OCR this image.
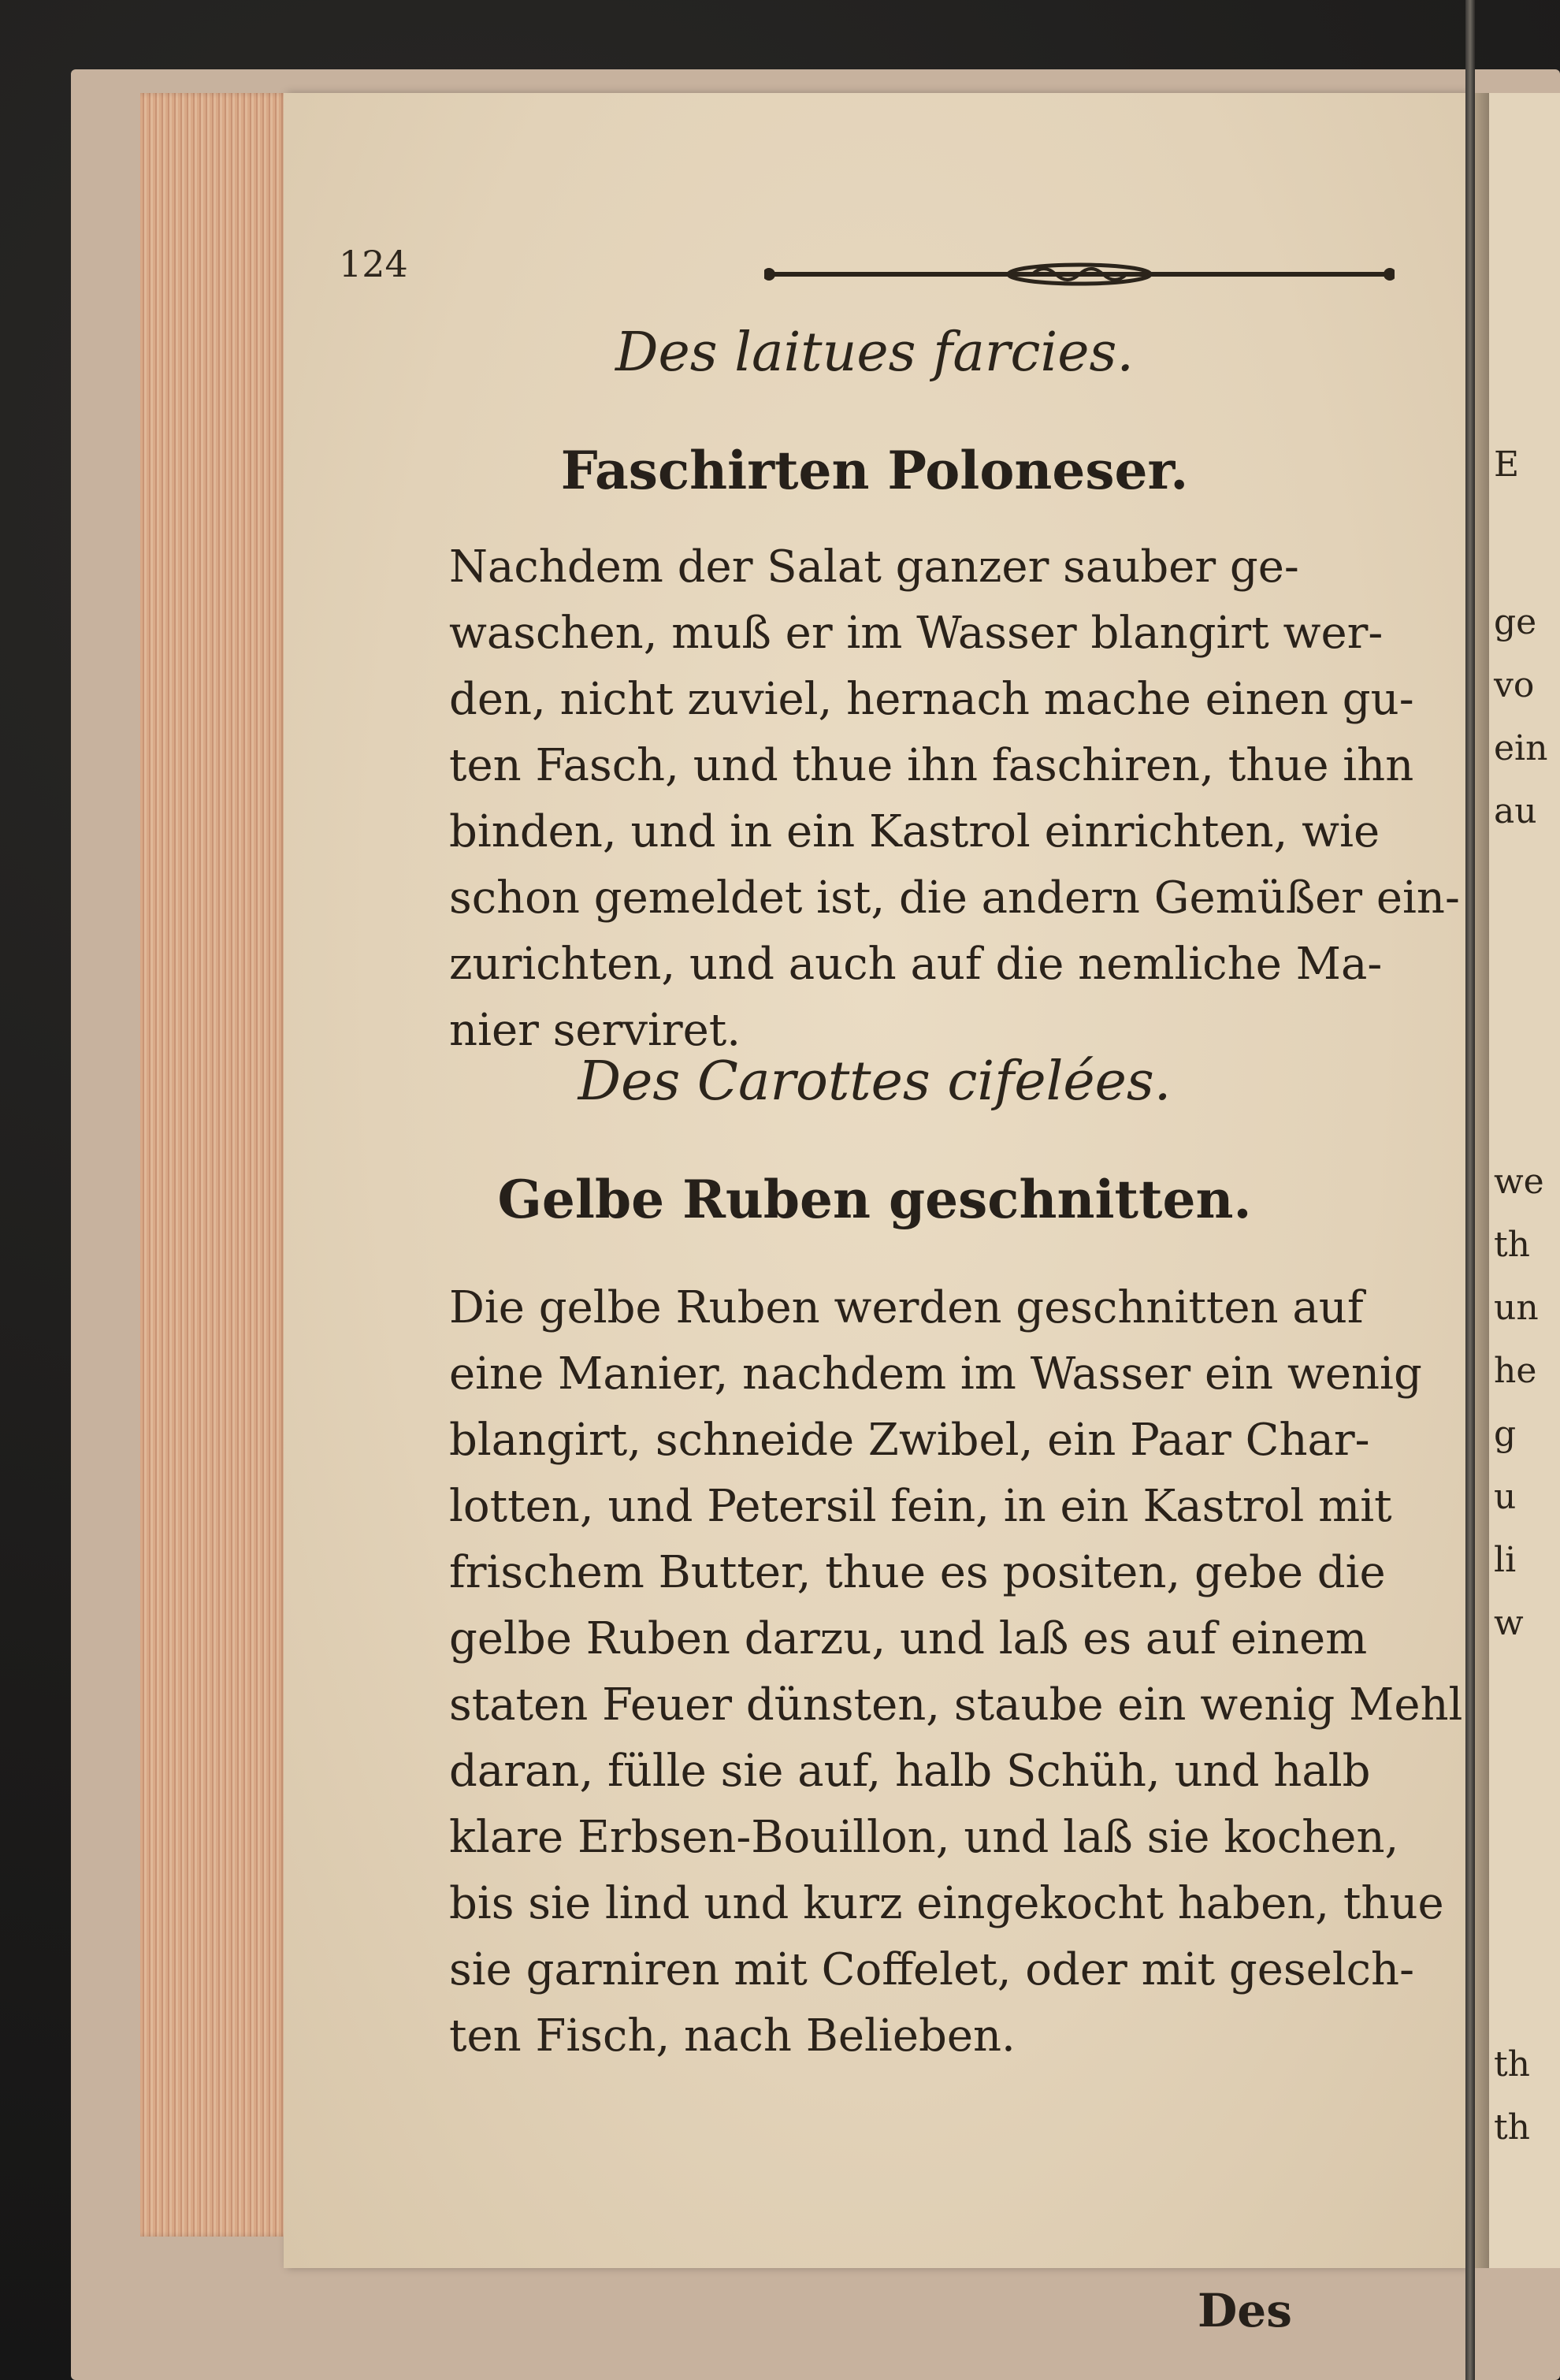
124
Des laitues farcies.
Faschirten Poloneser.
Nachdem der Salat ganzer sauber ge-
waschen, muß er im Wasser blangirt wer-
den, nicht zuviel, hernach mache einen gu-
ten Fasch, und thue ihn faschiren, thue ihn
binden, und in ein Kastrol einrichten, wie
schon gemeldet ist, die andern Gemüßer ein-
zurichten, und auch auf die nemliche Ma-
nier serviret.
Des Carottes cifelées.
Gelbe Ruben geschnitten.
Die gelbe Ruben werden geschnitten auf
eine Manier, nachdem im Wasser ein wenig
blangirt, schneide Zwibel, ein Paar Char-
lotten, und Petersil fein, in ein Kastrol mit
frischem Butter, thue es positen, gebe die
gelbe Ruben darzu, und laß es auf einem
staten Feuer dünsten, staube ein wenig Mehl
daran, fülle sie auf, halb Schüh, und halb
klare Erbsen-Bouillon, und laß sie kochen,
bis sie lind und kurz eingekocht haben, thue
sie garniren mit Coffelet, oder mit geselch-
ten Fisch, nach Belieben.
Des
E
ge
vo
ein
au
we
th
un
he
g
u
li
w
th
th
